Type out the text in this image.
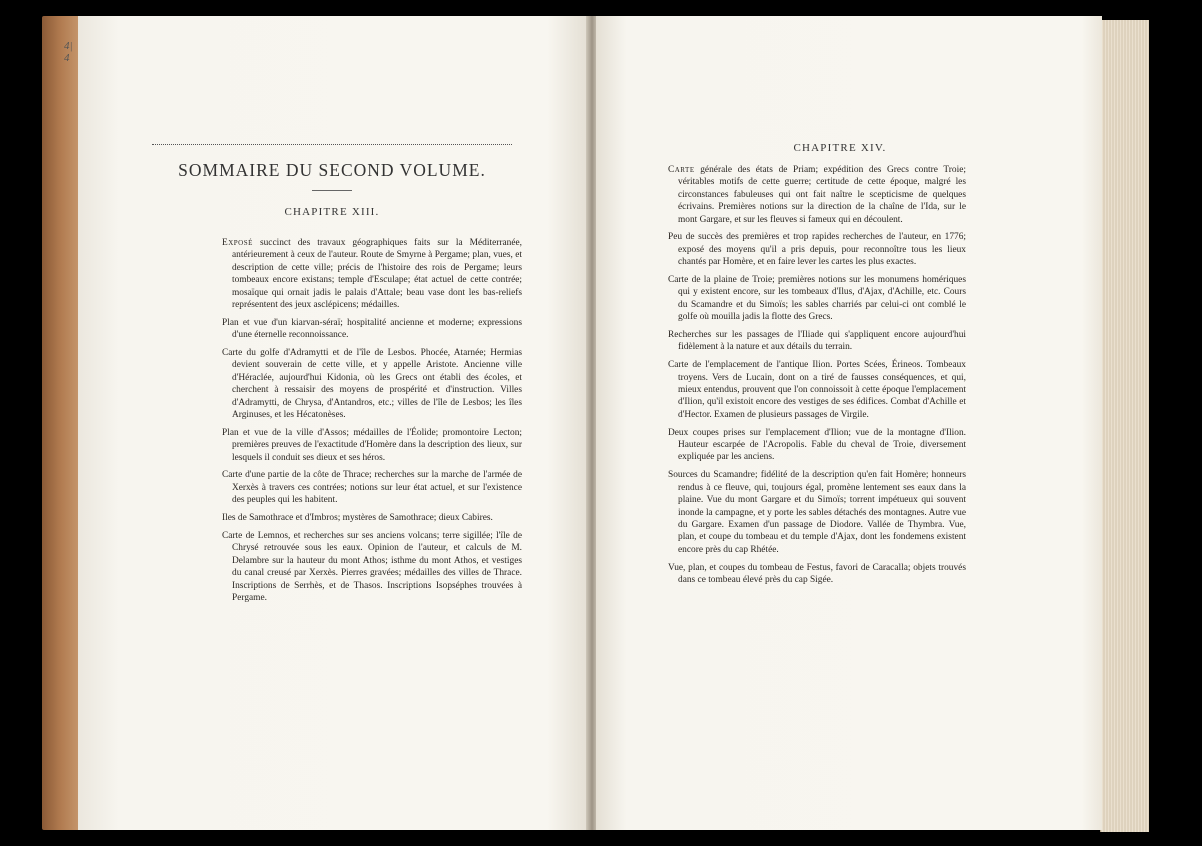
4|
4
SOMMAIRE DU SECOND VOLUME.
CHAPITRE XIII.

Exposé succinct des travaux géographiques faits sur la Méditerranée, antérieurement à ceux de l'auteur. Route de Smyrne à Pergame; plan, vues, et description de cette ville; précis de l'histoire des rois de Pergame; leurs tombeaux encore existans; temple d'Esculape; état actuel de cette contrée; mosaïque qui ornait jadis le palais d'Attale; beau vase dont les bas-reliefs représentent des jeux asclépicens; médailles.

Plan et vue d'un kiarvan-séraï; hospitalité ancienne et moderne; expressions d'une éternelle reconnoissance.

Carte du golfe d'Adramytti et de l'île de Lesbos. Phocée, Atarnée; Hermias devient souverain de cette ville, et y appelle Aristote. Ancienne ville d'Héraclée, aujourd'hui Kidonia, où les Grecs ont établi des écoles, et cherchent à ressaisir des moyens de prospérité et d'instruction. Villes d'Adramytti, de Chrysa, d'Antandros, etc.; villes de l'île de Lesbos; les îles Arginuses, et les Hécatonèses.

Plan et vue de la ville d'Assos; médailles de l'Éolide; promontoire Lecton; premières preuves de l'exactitude d'Homère dans la description des lieux, sur lesquels il conduit ses dieux et ses héros.

Carte d'une partie de la côte de Thrace; recherches sur la marche de l'armée de Xerxès à travers ces contrées; notions sur leur état actuel, et sur l'existence des peuples qui les habitent.

Iles de Samothrace et d'Imbros; mystères de Samothrace; dieux Cabires.

Carte de Lemnos, et recherches sur ses anciens volcans; terre sigillée; l'île de Chrysé retrouvée sous les eaux. Opinion de l'auteur, et calculs de M. Delambre sur la hauteur du mont Athos; isthme du mont Athos, et vestiges du canal creusé par Xerxès. Pierres gravées; médailles des villes de Thrace. Inscriptions de Serrhès, et de Thasos. Inscriptions Isopséphes trouvées à Pergame.

CHAPITRE XIV.

Carte générale des états de Priam; expédition des Grecs contre Troie; véritables motifs de cette guerre; certitude de cette époque, malgré les circonstances fabuleuses qui ont fait naître le scepticisme de quelques écrivains. Premières notions sur la direction de la chaîne de l'Ida, sur le mont Gargare, et sur les fleuves si fameux qui en découlent.

Peu de succès des premières et trop rapides recherches de l'auteur, en 1776; exposé des moyens qu'il a pris depuis, pour reconnoître tous les lieux chantés par Homère, et en faire lever les cartes les plus exactes.

Carte de la plaine de Troie; premières notions sur les monumens homériques qui y existent encore, sur les tombeaux d'Ilus, d'Ajax, d'Achille, etc. Cours du Scamandre et du Simoïs; les sables charriés par celui-ci ont comblé le golfe où mouilla jadis la flotte des Grecs.

Recherches sur les passages de l'Iliade qui s'appliquent encore aujourd'hui fidèlement à la nature et aux détails du terrain.

Carte de l'emplacement de l'antique Ilion. Portes Scées, Érineos. Tombeaux troyens. Vers de Lucain, dont on a tiré de fausses conséquences, et qui, mieux entendus, prouvent que l'on connoissoit à cette époque l'emplacement d'Ilion, qu'il existoit encore des vestiges de ses édifices. Combat d'Achille et d'Hector. Examen de plusieurs passages de Virgile.

Deux coupes prises sur l'emplacement d'Ilion; vue de la montagne d'Ilion. Hauteur escarpée de l'Acropolis. Fable du cheval de Troie, diversement expliquée par les anciens.

Sources du Scamandre; fidélité de la description qu'en fait Homère; honneurs rendus à ce fleuve, qui, toujours égal, promène lentement ses eaux dans la plaine. Vue du mont Gargare et du Simoïs; torrent impétueux qui souvent inonde la campagne, et y porte les sables détachés des montagnes. Autre vue du Gargare. Examen d'un passage de Diodore. Vallée de Thymbra. Vue, plan, et coupe du tombeau et du temple d'Ajax, dont les fondemens existent encore près du cap Rhétée.

Vue, plan, et coupes du tombeau de Festus, favori de Caracalla; objets trouvés dans ce tombeau élevé près du cap Sigée.
